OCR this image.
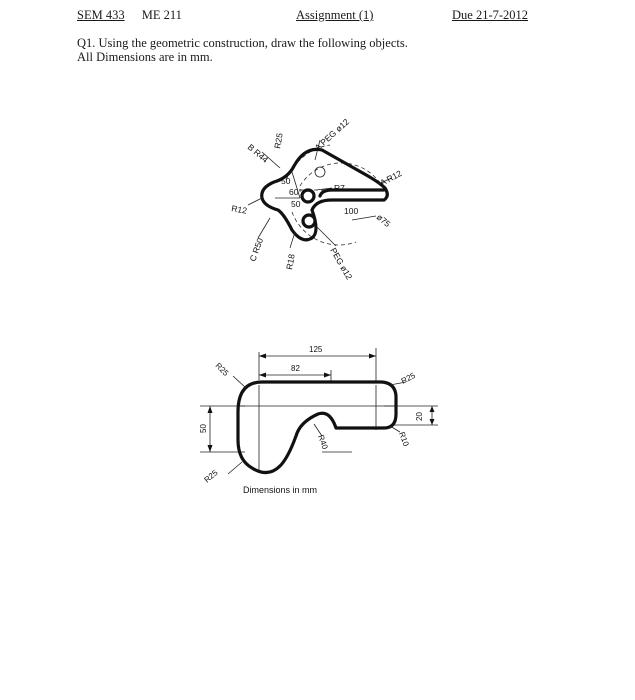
SEM 433 ME 211	Assignment (1)	Due 21-7-2012
Q1. Using the geometric construction, draw the following objects.
All Dimensions are in mm.
R25	A PEG ø12
B R44
R12
50
60°
50
R7
A R12
100
ø75
C R50 R18	PEG ø12
125
82
R25
R25
R25
R40	R10
50
20
Dimensions in mm
